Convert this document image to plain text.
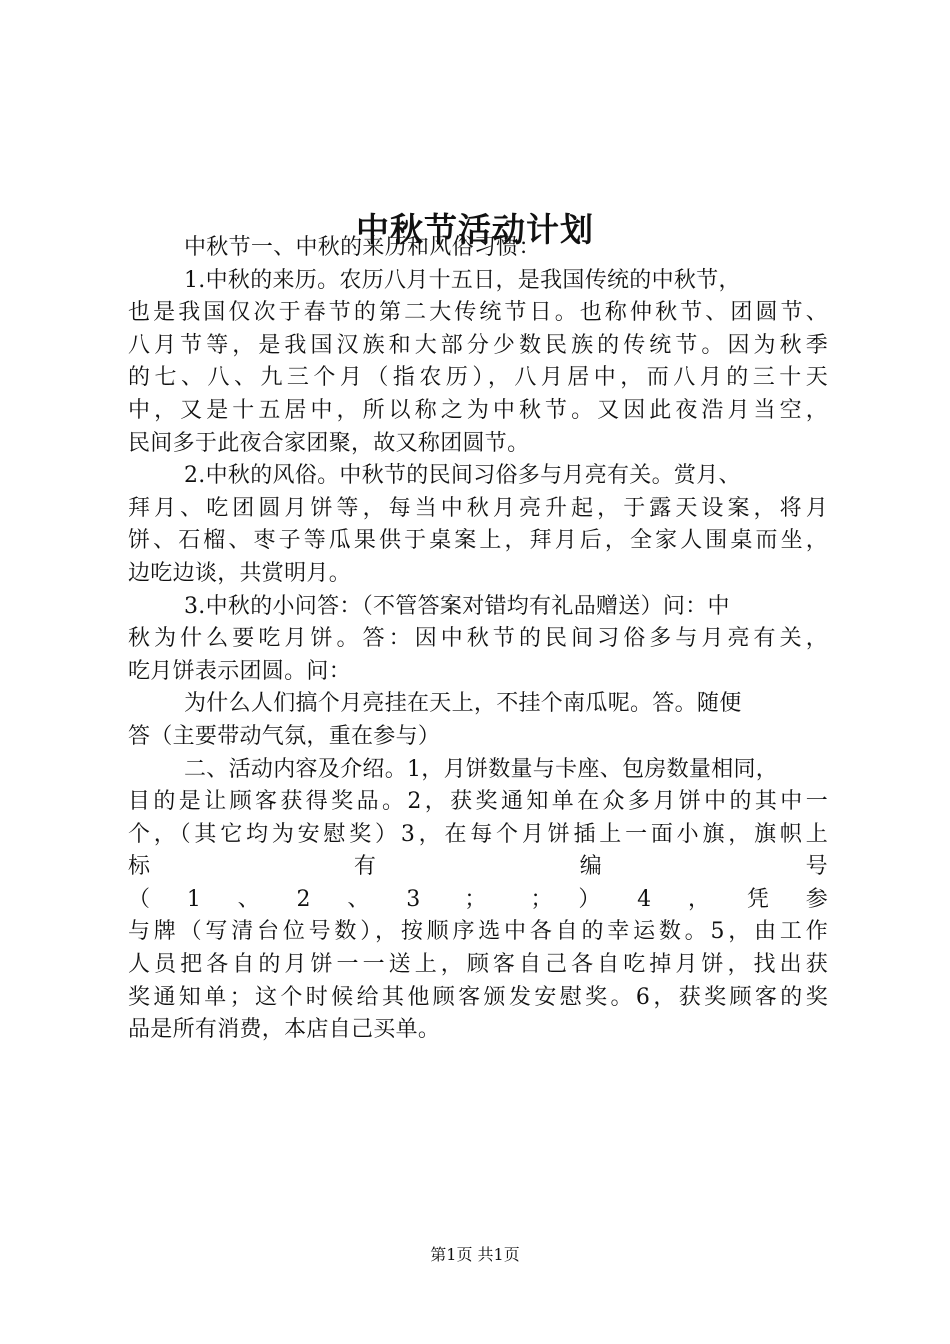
中秋节活动计划
中秋节一、中秋的来历和风俗习惯：
1.中秋的来历。农历八月十五日，是我国传统的中秋节，
也是我国仅次于春节的第二大传统节日。也称仲秋节、团圆节、
八月节等，是我国汉族和大部分少数民族的传统节。因为秋季
的七、八、九三个月（指农历），八月居中，而八月的三十天
中，又是十五居中，所以称之为中秋节。又因此夜浩月当空，
民间多于此夜合家团聚，故又称团圆节。
2.中秋的风俗。中秋节的民间习俗多与月亮有关。赏月、
拜月、吃团圆月饼等，每当中秋月亮升起，于露天设案，将月
饼、石榴、枣子等瓜果供于桌案上，拜月后，全家人围桌而坐，
边吃边谈，共赏明月。
3.中秋的小问答：（不管答案对错均有礼品赠送）问：中
秋为什么要吃月饼。答：因中秋节的民间习俗多与月亮有关，
吃月饼表示团圆。问：
为什么人们搞个月亮挂在天上，不挂个南瓜呢。答。随便
答（主要带动气氛，重在参与）
二、活动内容及介绍。1，月饼数量与卡座、包房数量相同，
目的是让顾客获得奖品。2，获奖通知单在众多月饼中的其中一
个，（其它均为安慰奖）3，在每个月饼插上一面小旗，旗帜上
标 有 编 号
（1、2、3 ； ；）4，凭参
与牌（写清台位号数），按顺序选中各自的幸运数。5，由工作
人员把各自的月饼一一送上，顾客自己各自吃掉月饼，找出获
奖通知单；这个时候给其他顾客颁发安慰奖。6，获奖顾客的奖
品是所有消费，本店自己买单。
第1页 共1页
